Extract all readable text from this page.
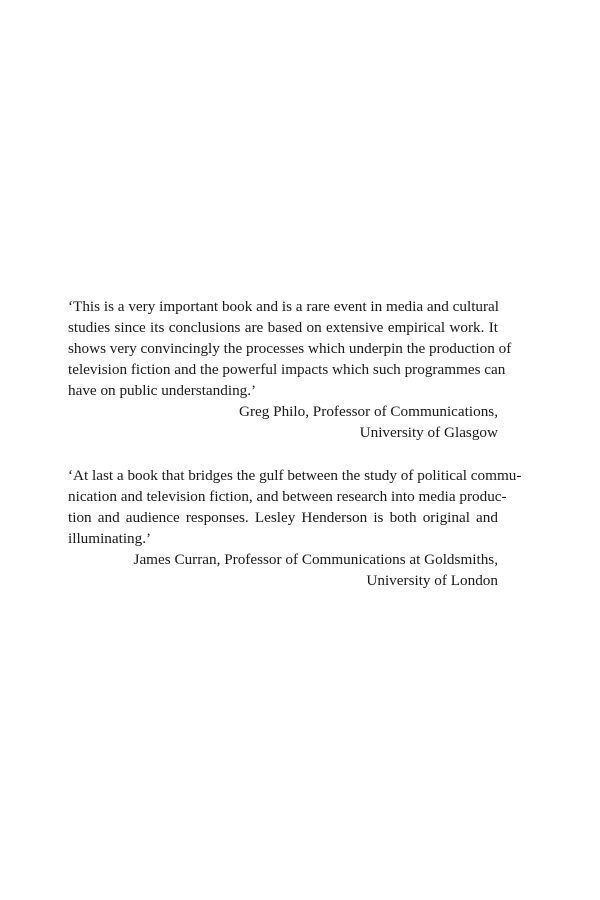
‘This is a very important book and is a rare event in media and cultural
studies since its conclusions are based on extensive empirical work. It
shows very convincingly the processes which underpin the production of
television fiction and the powerful impacts which such programmes can
have on public understanding.’
Greg Philo, Professor of Communications,
University of Glasgow
‘At last a book that bridges the gulf between the study of political commu-
nication and television fiction, and between research into media produc-
tion and audience responses. Lesley Henderson is both original and
illuminating.’
James Curran, Professor of Communications at Goldsmiths,
University of London
